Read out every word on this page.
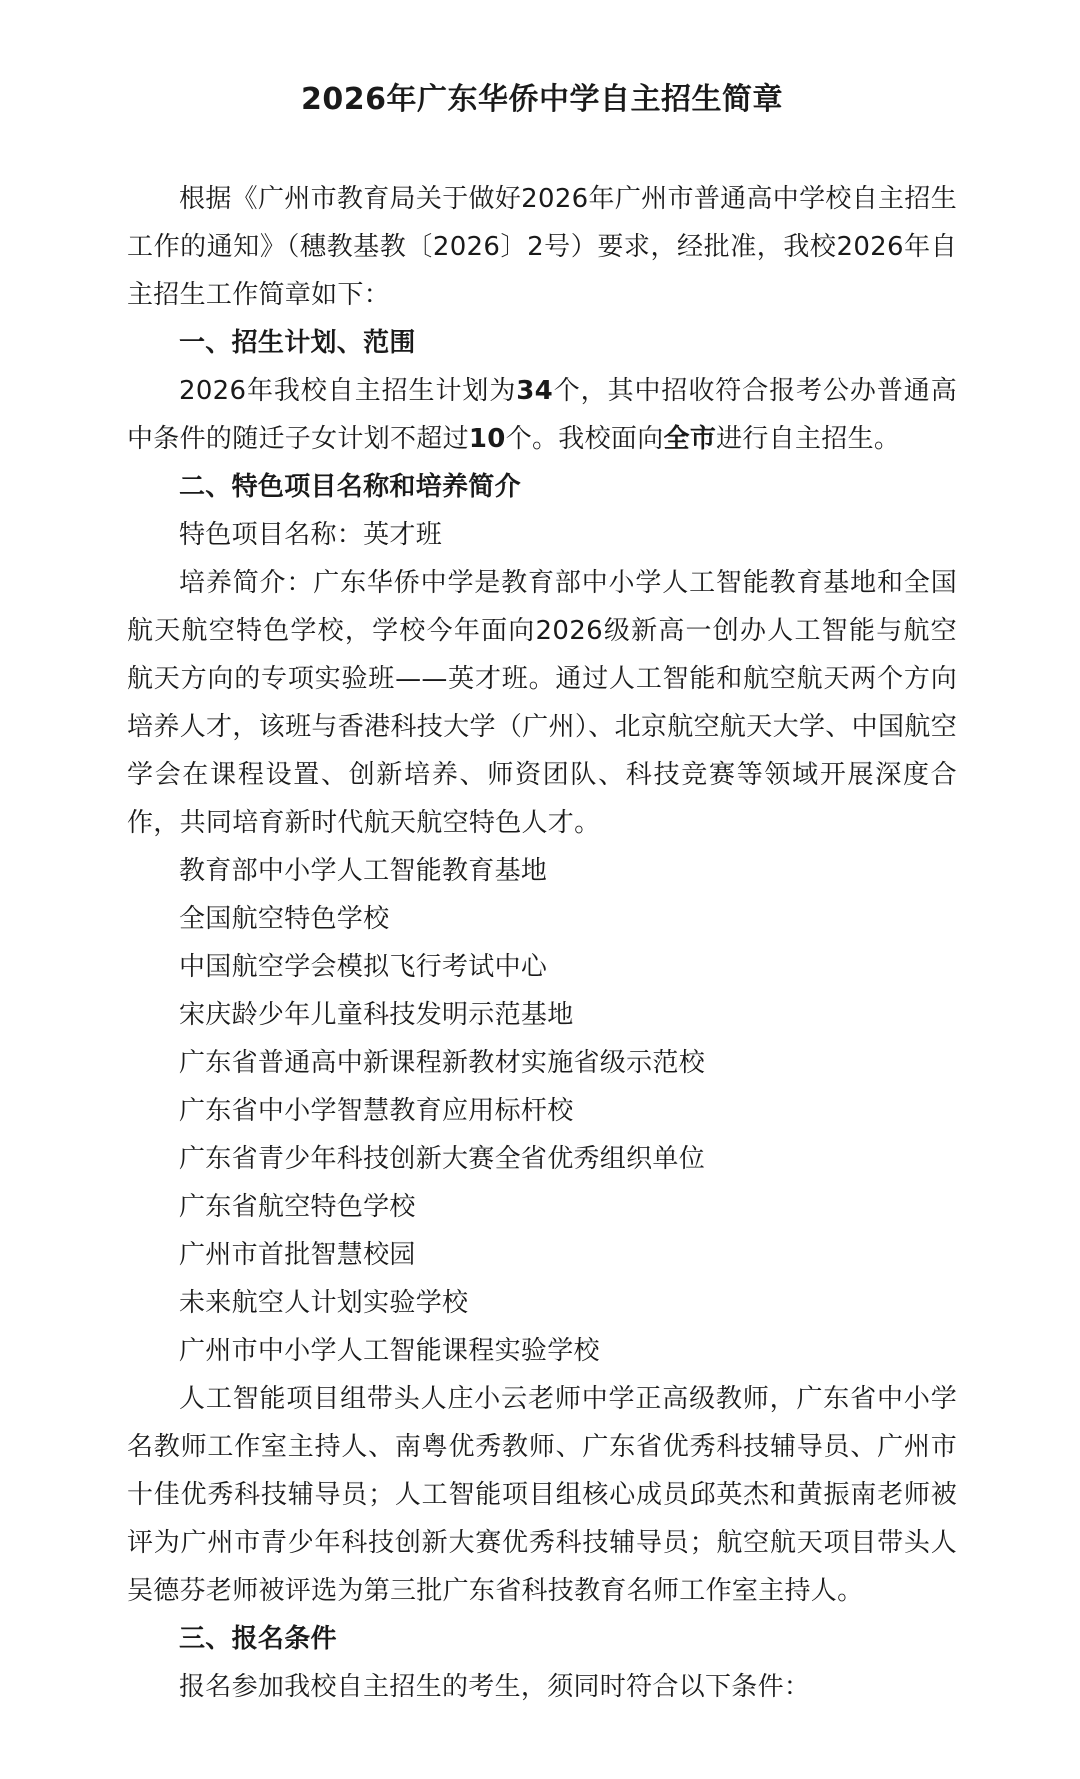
2026年广东华侨中学自主招生简章

根据《广州市教育局关于做好2026年广州市普通高中学校自主招生工作的通知》（穗教基教〔2026〕2号）要求，经批准，我校2026年自主招生工作简章如下：

一、招生计划、范围

2026年我校自主招生计划为34个，其中招收符合报考公办普通高中条件的随迁子女计划不超过10个。我校面向全市进行自主招生。

二、特色项目名称和培养简介

特色项目名称：英才班

培养简介：广东华侨中学是教育部中小学人工智能教育基地和全国航天航空特色学校，学校今年面向2026级新高一创办人工智能与航空航天方向的专项实验班——英才班。通过人工智能和航空航天两个方向培养人才，该班与香港科技大学（广州）、北京航空航天大学、中国航空学会在课程设置、创新培养、师资团队、科技竞赛等领域开展深度合作，共同培育新时代航天航空特色人才。

教育部中小学人工智能教育基地

全国航空特色学校

中国航空学会模拟飞行考试中心

宋庆龄少年儿童科技发明示范基地

广东省普通高中新课程新教材实施省级示范校

广东省中小学智慧教育应用标杆校

广东省青少年科技创新大赛全省优秀组织单位

广东省航空特色学校

广州市首批智慧校园

未来航空人计划实验学校

广州市中小学人工智能课程实验学校

人工智能项目组带头人庄小云老师中学正高级教师，广东省中小学名教师工作室主持人、南粤优秀教师、广东省优秀科技辅导员、广州市十佳优秀科技辅导员；人工智能项目组核心成员邱英杰和黄振南老师被评为广州市青少年科技创新大赛优秀科技辅导员；航空航天项目带头人吴德芬老师被评选为第三批广东省科技教育名师工作室主持人。

三、报名条件

报名参加我校自主招生的考生，须同时符合以下条件：
